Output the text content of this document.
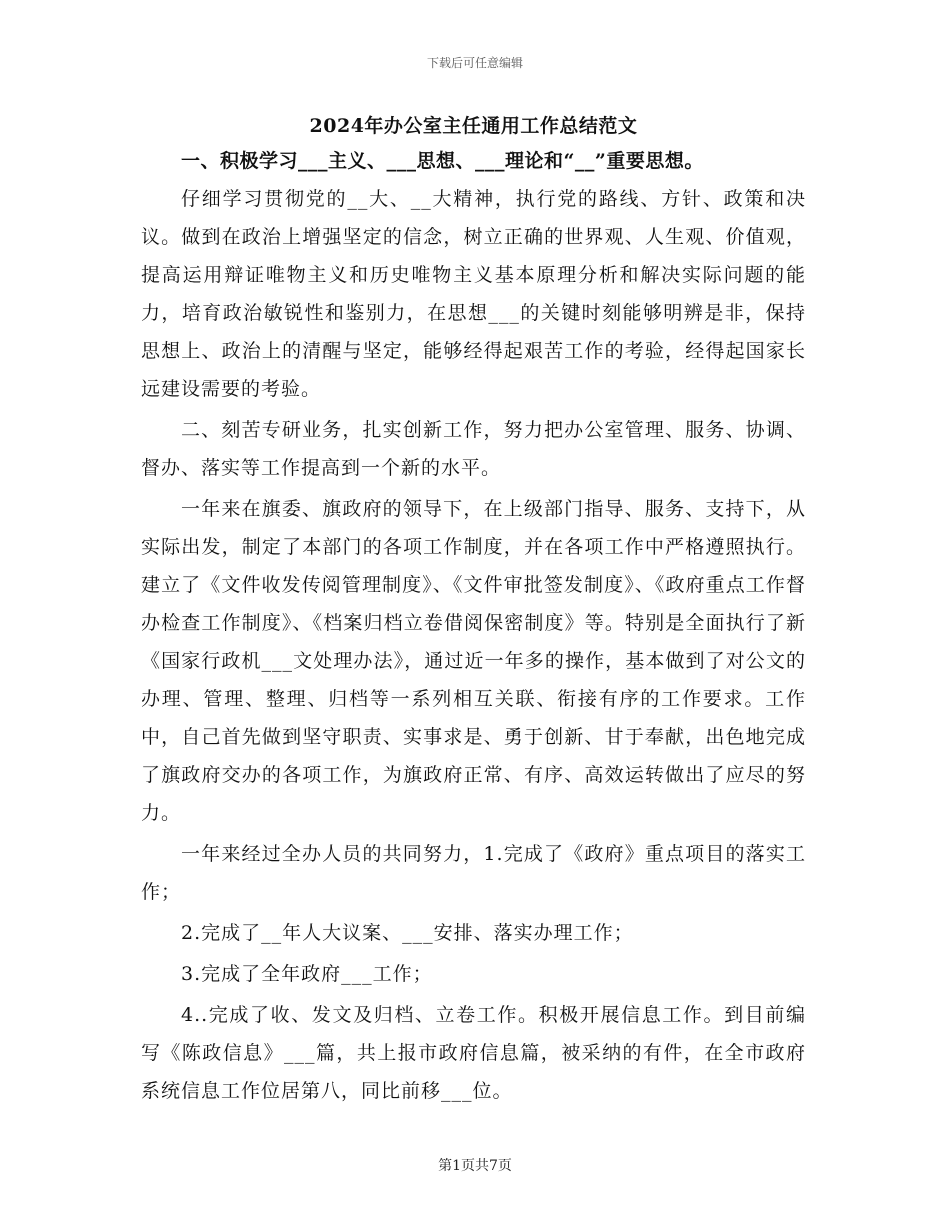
下载后可任意编辑

2024年办公室主任通用工作总结范文

一、积极学习___主义、___思想、___理论和“__”重要思想。

仔细学习贯彻党的__大、__大精神，执行党的路线、方针、政策和决议。做到在政治上增强坚定的信念，树立正确的世界观、人生观、价值观，提高运用辩证唯物主义和历史唯物主义基本原理分析和解决实际问题的能力，培育政治敏锐性和鉴别力，在思想___的关键时刻能够明辨是非，保持思想上、政治上的清醒与坚定，能够经得起艰苦工作的考验，经得起国家长远建设需要的考验。

二、刻苦专研业务，扎实创新工作，努力把办公室管理、服务、协调、督办、落实等工作提高到一个新的水平。

一年来在旗委、旗政府的领导下，在上级部门指导、服务、支持下，从实际出发，制定了本部门的各项工作制度，并在各项工作中严格遵照执行。建立了《文件收发传阅管理制度》、《文件审批签发制度》、《政府重点工作督办检查工作制度》、《档案归档立卷借阅保密制度》等。特别是全面执行了新《国家行政机___文处理办法》，通过近一年多的操作，基本做到了对公文的办理、管理、整理、归档等一系列相互关联、衔接有序的工作要求。工作中，自己首先做到坚守职责、实事求是、勇于创新、甘于奉献，出色地完成了旗政府交办的各项工作，为旗政府正常、有序、高效运转做出了应尽的努力。

一年来经过全办人员的共同努力，1.完成了《政府》重点项目的落实工作；

2.完成了__年人大议案、___安排、落实办理工作；

3.完成了全年政府___工作；

4..完成了收、发文及归档、立卷工作。积极开展信息工作。到目前编写《陈政信息》___篇，共上报市政府信息篇，被采纳的有件，在全市政府系统信息工作位居第八，同比前移___位。

第1页共7页
